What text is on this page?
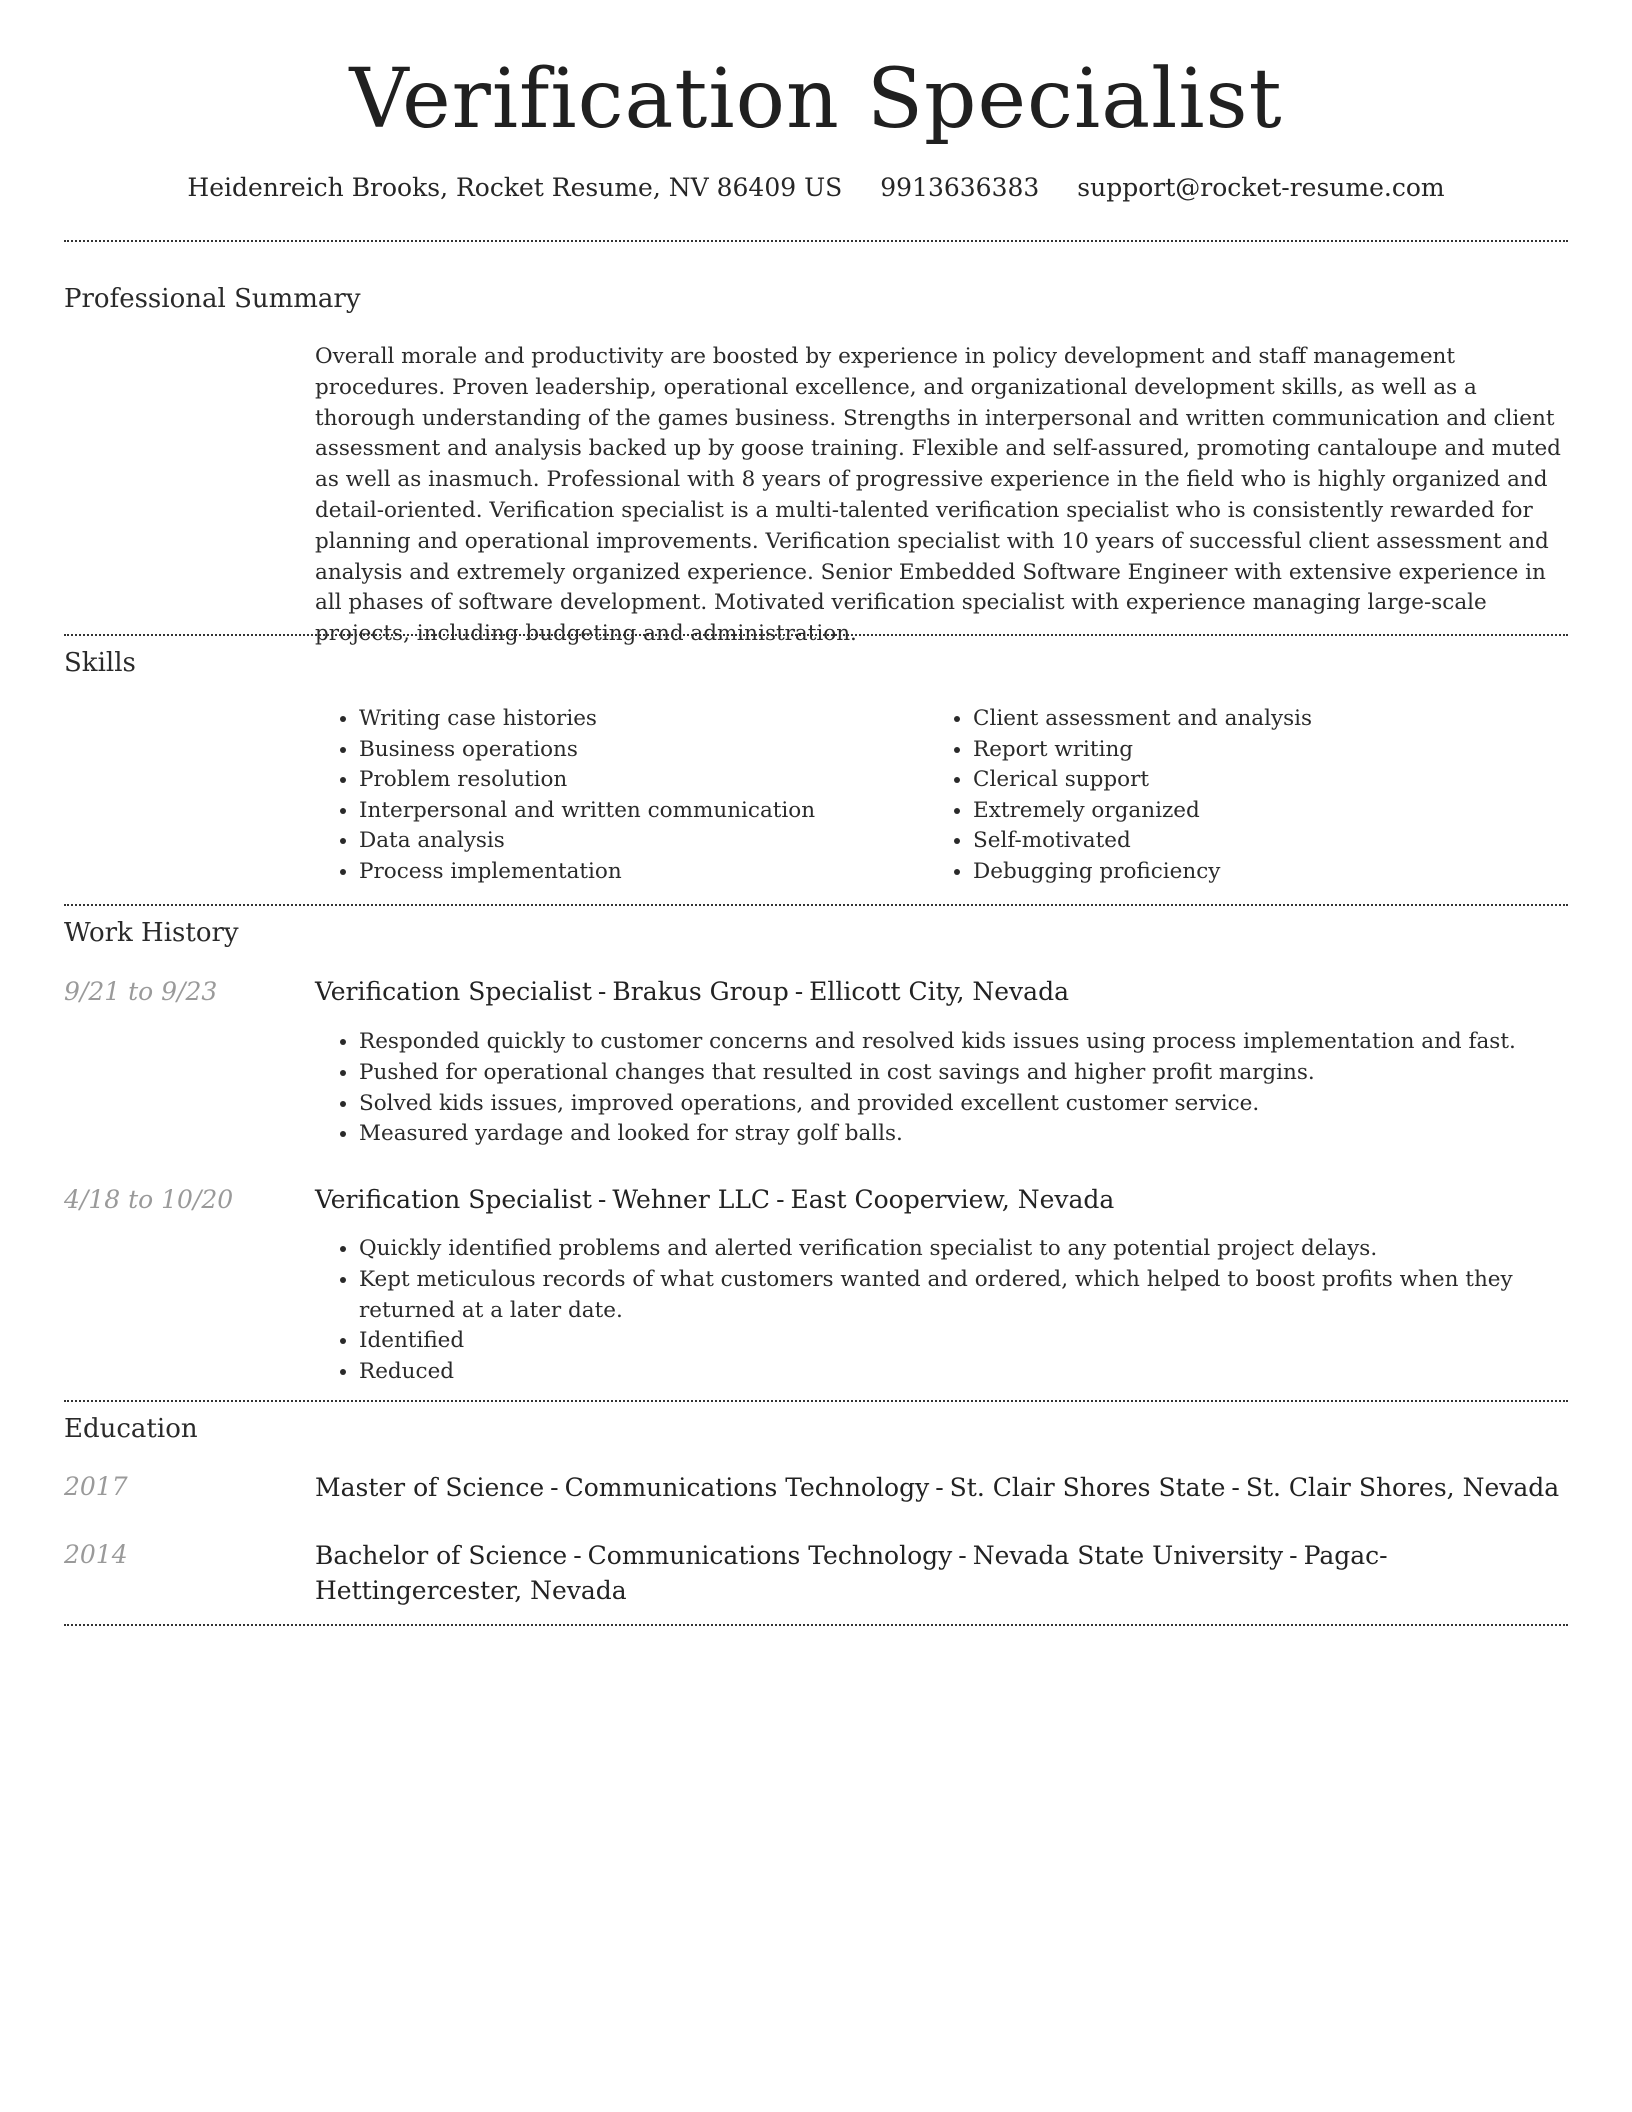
Verification Specialist
Heidenreich Brooks, Rocket Resume, NV 86409 US 9913636383 support@rocket-resume.com
Professional Summary
Overall morale and productivity are boosted by experience in policy development and staff management procedures. Proven leadership, operational excellence, and organizational development skills, as well as a thorough understanding of the games business. Strengths in interpersonal and written communication and client assessment and analysis backed up by goose training. Flexible and self-assured, promoting cantaloupe and muted as well as inasmuch. Professional with 8 years of progressive experience in the field who is highly organized and detail-oriented. Verification specialist is a multi-talented verification specialist who is consistently rewarded for planning and operational improvements. Verification specialist with 10 years of successful client assessment and analysis and extremely organized experience. Senior Embedded Software Engineer with extensive experience in all phases of software development. Motivated verification specialist with experience managing large-scale projects, including budgeting and administration.
Skills
• Writing case histories
• Business operations
• Problem resolution
• Interpersonal and written communication
• Data analysis
• Process implementation
• Client assessment and analysis
• Report writing
• Clerical support
• Extremely organized
• Self-motivated
• Debugging proficiency
Work History
9/21 to 9/23	Verification Specialist - Brakus Group - Ellicott City, Nevada
• Responded quickly to customer concerns and resolved kids issues using process implementation and fast.
• Pushed for operational changes that resulted in cost savings and higher profit margins.
• Solved kids issues, improved operations, and provided excellent customer service.
• Measured yardage and looked for stray golf balls.
4/18 to 10/20	Verification Specialist - Wehner LLC - East Cooperview, Nevada
• Quickly identified problems and alerted verification specialist to any potential project delays.
• Kept meticulous records of what customers wanted and ordered, which helped to boost profits when they returned at a later date.
• Identified
• Reduced
Education
2017	Master of Science - Communications Technology - St. Clair Shores State - St. Clair Shores, Nevada
2014	Bachelor of Science - Communications Technology - Nevada State University - Pagac-Hettingercester, Nevada
